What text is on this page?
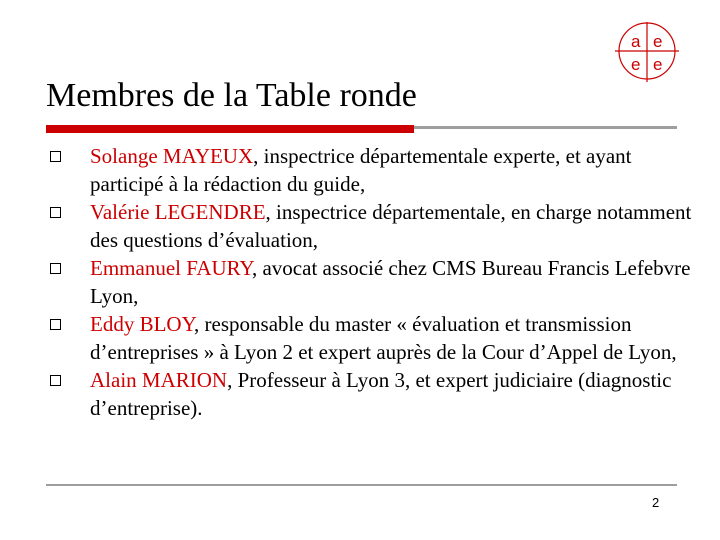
a e
e e
Membres de la Table ronde
Solange MAYEUX, inspectrice départementale experte, et ayant participé à la rédaction du guide,
Valérie LEGENDRE, inspectrice départementale, en charge notamment des questions d’évaluation,
Emmanuel FAURY, avocat associé chez CMS Bureau Francis Lefebvre Lyon,
Eddy BLOY, responsable du master « évaluation et transmission d’entreprises » à Lyon 2 et expert auprès de la Cour d’Appel de Lyon,
Alain MARION, Professeur à Lyon 3, et expert judiciaire (diagnostic d’entreprise).
2
